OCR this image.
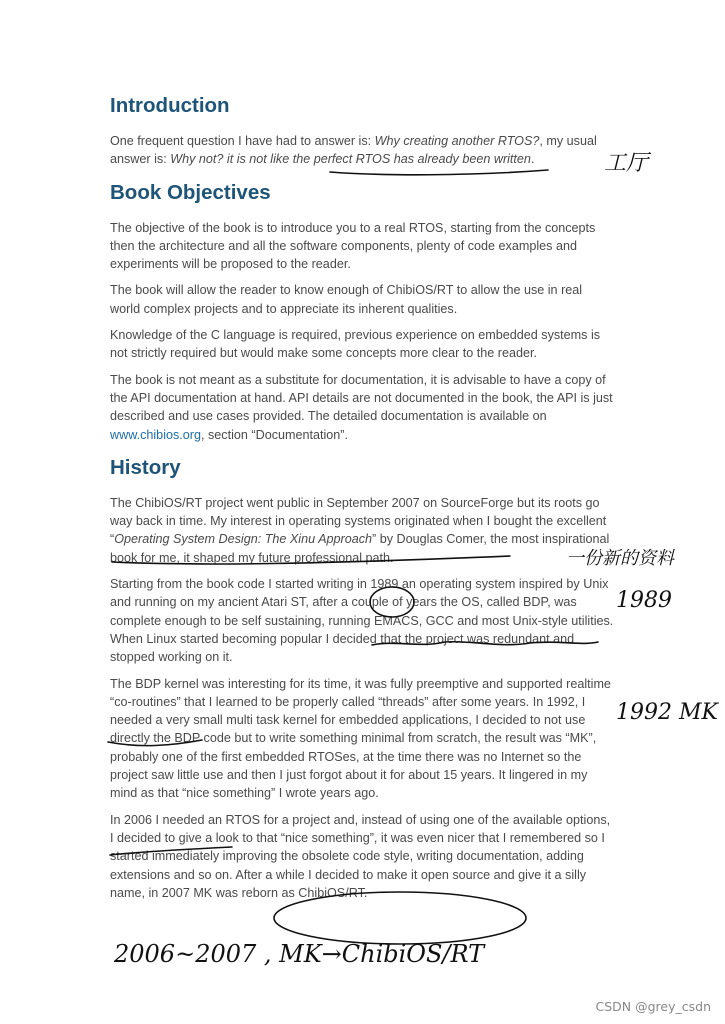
Introduction

One frequent question I have had to answer is: Why creating another RTOS?, my usual answer is: Why not? it is not like the perfect RTOS has already been written.

Book Objectives

The objective of the book is to introduce you to a real RTOS, starting from the concepts then the architecture and all the software components, plenty of code examples and experiments will be proposed to the reader.

The book will allow the reader to know enough of ChibiOS/RT to allow the use in real world complex projects and to appreciate its inherent qualities.

Knowledge of the C language is required, previous experience on embedded systems is not strictly required but would make some concepts more clear to the reader.

The book is not meant as a substitute for documentation, it is advisable to have a copy of the API documentation at hand. API details are not documented in the book, the API is just described and use cases provided. The detailed documentation is available on www.chibios.org, section “Documentation”.

History

The ChibiOS/RT project went public in September 2007 on SourceForge but its roots go way back in time. My interest in operating systems originated when I bought the excellent “Operating System Design: The Xinu Approach” by Douglas Comer, the most inspirational book for me, it shaped my future professional path.

Starting from the book code I started writing in 1989 an operating system inspired by Unix and running on my ancient Atari ST, after a couple of years the OS, called BDP, was complete enough to be self sustaining, running EMACS, GCC and most Unix-style utilities. When Linux started becoming popular I decided that the project was redundant and stopped working on it.

The BDP kernel was interesting for its time, it was fully preemptive and supported realtime “co-routines” that I learned to be properly called “threads” after some years. In 1992, I needed a very small multi task kernel for embedded applications, I decided to not use directly the BDP code but to write something minimal from scratch, the result was “MK”, probably one of the first embedded RTOSes, at the time there was no Internet so the project saw little use and then I just forgot about it for about 15 years. It lingered in my mind as that “nice something” I wrote years ago.

In 2006 I needed an RTOS for a project and, instead of using one of the available options, I decided to give a look to that “nice something”, it was even nicer that I remembered so I started immediately improving the obsolete code style, writing documentation, adding extensions and so on. After a while I decided to make it open source and give it a silly name, in 2007 MK was reborn as ChibiOS/RT.

工厅
一份新的资料
1989
1992 MK
2006~2007 , MK→ChibiOS/RT
CSDN @grey_csdn
